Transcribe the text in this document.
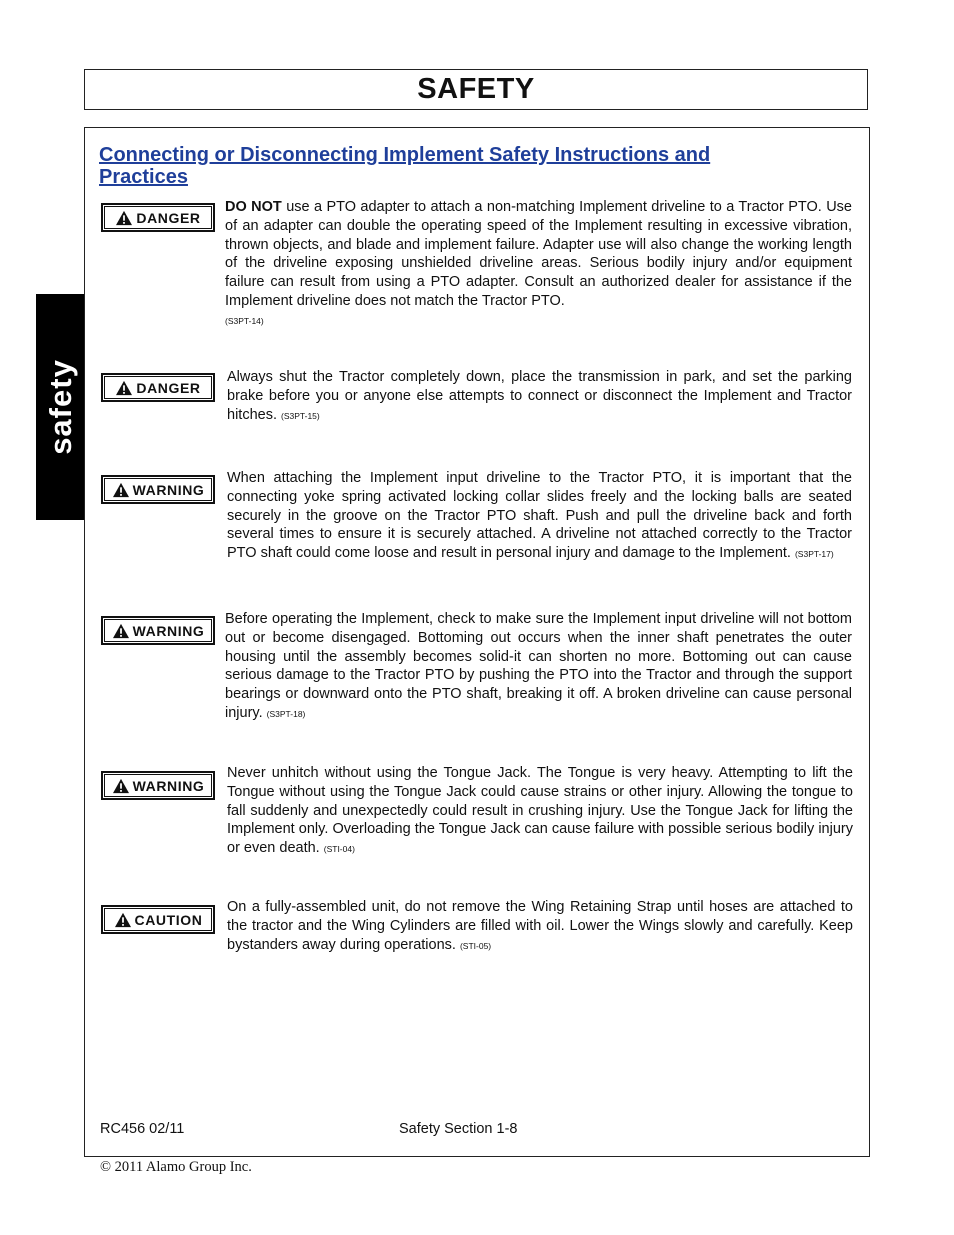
SAFETY
safety
Connecting or Disconnecting Implement Safety Instructions and Practices
DANGER

DO NOT use a PTO adapter to attach a non-matching Implement driveline to a Tractor PTO. Use of an adapter can double the operating speed of the Implement resulting in excessive vibration, thrown objects, and blade and implement failure. Adapter use will also change the working length of the driveline exposing unshielded driveline areas. Serious bodily injury and/or equipment failure can result from using a PTO adapter. Consult an authorized dealer for assistance if the Implement driveline does not match the Tractor PTO.
(S3PT-14)

DANGER

Always shut the Tractor completely down, place the transmission in park, and set the parking brake before you or anyone else attempts to connect or disconnect the Implement and Tractor hitches. (S3PT-15)

WARNING

When attaching the Implement input driveline to the Tractor PTO, it is important that the connecting yoke spring activated locking collar slides freely and the locking balls are seated securely in the groove on the Tractor PTO shaft. Push and pull the driveline back and forth several times to ensure it is securely attached. A driveline not attached correctly to the Tractor PTO shaft could come loose and result in personal injury and damage to the Implement. (S3PT-17)

WARNING

Before operating the Implement, check to make sure the Implement input driveline will not bottom out or become disengaged. Bottoming out occurs when the inner shaft penetrates the outer housing until the assembly becomes solid-it can shorten no more. Bottoming out can cause serious damage to the Tractor PTO by pushing the PTO into the Tractor and through the support bearings or downward onto the PTO shaft, breaking it off. A broken driveline can cause personal injury. (S3PT-18)

WARNING

Never unhitch without using the Tongue Jack. The Tongue is very heavy. Attempting to lift the Tongue without using the Tongue Jack could cause strains or other injury. Allowing the tongue to fall suddenly and unexpectedly could result in crushing injury. Use the Tongue Jack for lifting the Implement only. Overloading the Tongue Jack can cause failure with possible serious bodily injury or even death. (STI-04)

CAUTION

On a fully-assembled unit, do not remove the Wing Retaining Strap until hoses are attached to the tractor and the Wing Cylinders are filled with oil. Lower the Wings slowly and carefully. Keep bystanders away during operations. (STI-05)

RC456 02/11	Safety Section 1-8
© 2011 Alamo Group Inc.
